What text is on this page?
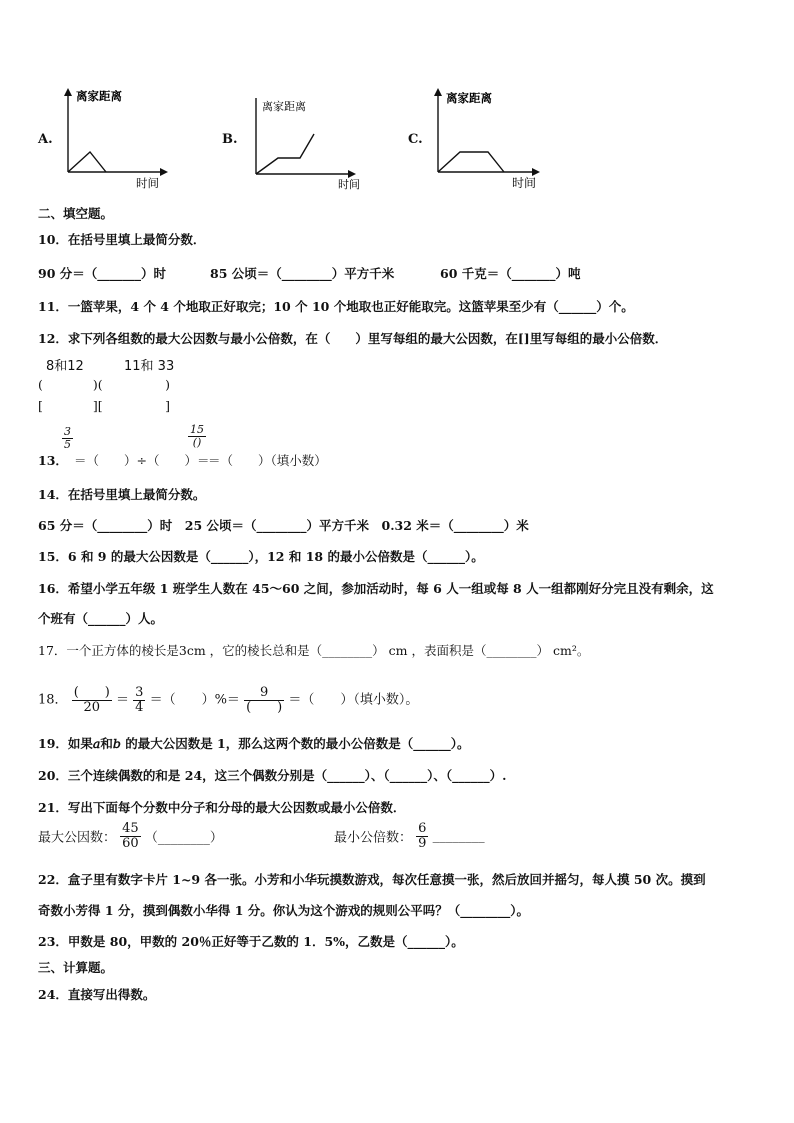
A.
离家距离
时间
B.
离家距离
时间
C.
离家距离
时间
二、填空题。
10．在括号里填上最简分数．
90 分＝（_______）时	85 公顷＝（________）平方千米	60 千克＝（_______）吨
11．一篮苹果，4 个 4 个地取正好取完；10 个 10 个地取也正好能取完。这篮苹果至少有（______）个。
12．求下列各组数的最大公因数与最小公倍数，在（　　）里写每组的最大公因数，在[]里写每组的最小公倍数．
8和12	11和 33
(　　　　)(　　　　　)
[　　　　][　　　　　]
13．
$\frac{3}{5}$
＝（　　）÷（　　）＝
$\frac{15}{()}$
＝（　　）（填小数）
14．在括号里填上最简分数。
65 分＝（________）时　25 公顷＝（________）平方千米　0.32 米＝（________）米
15．6 和 9 的最大公因数是（______），12 和 18 的最小公倍数是（______）。
16．希望小学五年级 1 班学生人数在 45～60 之间，参加活动时，每 6 人一组或每 8 人一组都刚好分完且没有剩余，这
个班有（______）人。
17．一个正方体的棱长是3cm ，它的棱长总和是（________） cm ，表面积是（________） cm²。
18． $\frac{( )}{20} = \frac{3}{4}$ ＝（　　）%＝ $\frac{9}{( )}$ ＝（　　）（填小数）。
19．如果𝑎和𝑏 的最大公因数是 1，那么这两个数的最小公倍数是（______）。
20．三个连续偶数的和是 24，这三个偶数分别是（______）、（______）、（______）.
21．写出下面每个分数中分子和分母的最大公因数或最小公倍数．
最大公因数： $\frac{45}{60}$ （________）	最小公倍数： $\frac{6}{9}$ ________
22．盒子里有数字卡片 1~9 各一张。小芳和小华玩摸数游戏，每次任意摸一张，然后放回并摇匀，每人摸 50 次。摸到
奇数小芳得 1 分，摸到偶数小华得 1 分。你认为这个游戏的规则公平吗？（________）。
23．甲数是 80，甲数的 20％正好等于乙数的 1．5%，乙数是（______）。
三、计算题。
24．直接写出得数。
